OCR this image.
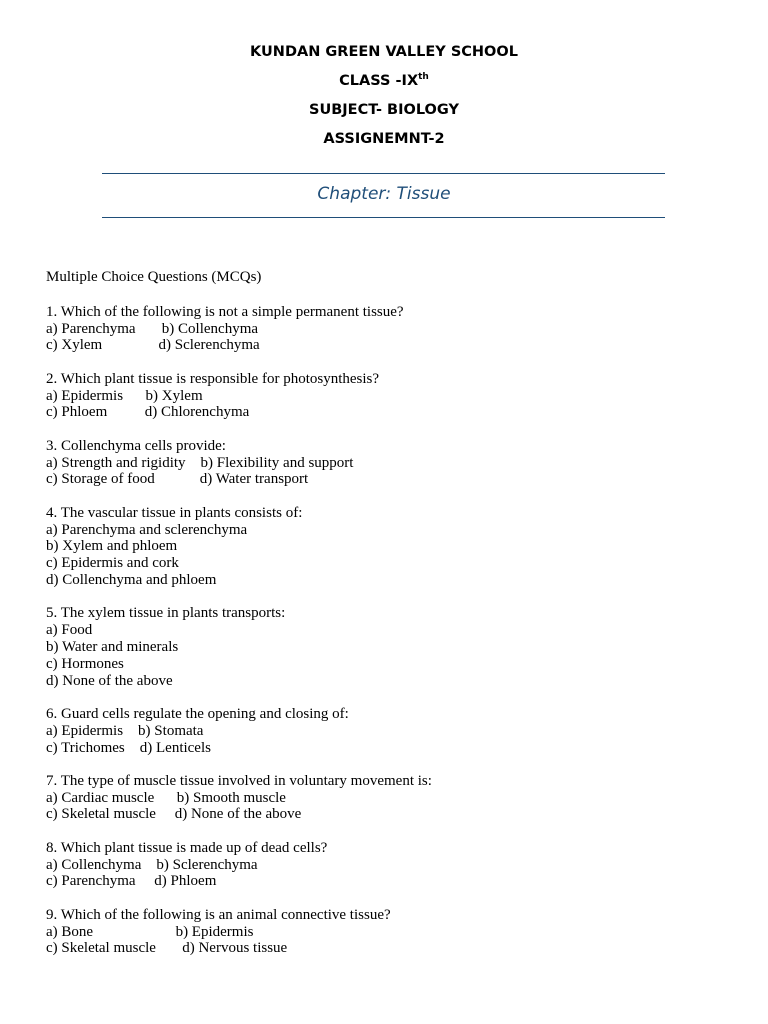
KUNDAN GREEN VALLEY SCHOOL
CLASS -IXth
SUBJECT- BIOLOGY
ASSIGNEMNT-2
Chapter: Tissue
Multiple Choice Questions (MCQs)
1. Which of the following is not a simple permanent tissue?
a) Parenchyma       b) Collenchyma
c) Xylem               d) Sclerenchyma
2. Which plant tissue is responsible for photosynthesis?
a) Epidermis      b) Xylem
c) Phloem          d) Chlorenchyma
3. Collenchyma cells provide:
a) Strength and rigidity    b) Flexibility and support
c) Storage of food            d) Water transport
4. The vascular tissue in plants consists of:
a) Parenchyma and sclerenchyma
b) Xylem and phloem
c) Epidermis and cork
d) Collenchyma and phloem
5. The xylem tissue in plants transports:
a) Food
b) Water and minerals
c) Hormones
d) None of the above
6. Guard cells regulate the opening and closing of:
a) Epidermis    b) Stomata
c) Trichomes    d) Lenticels
7. The type of muscle tissue involved in voluntary movement is:
a) Cardiac muscle      b) Smooth muscle
c) Skeletal muscle     d) None of the above
8. Which plant tissue is made up of dead cells?
a) Collenchyma    b) Sclerenchyma
c) Parenchyma     d) Phloem
9. Which of the following is an animal connective tissue?
a) Bone                      b) Epidermis
c) Skeletal muscle       d) Nervous tissue
